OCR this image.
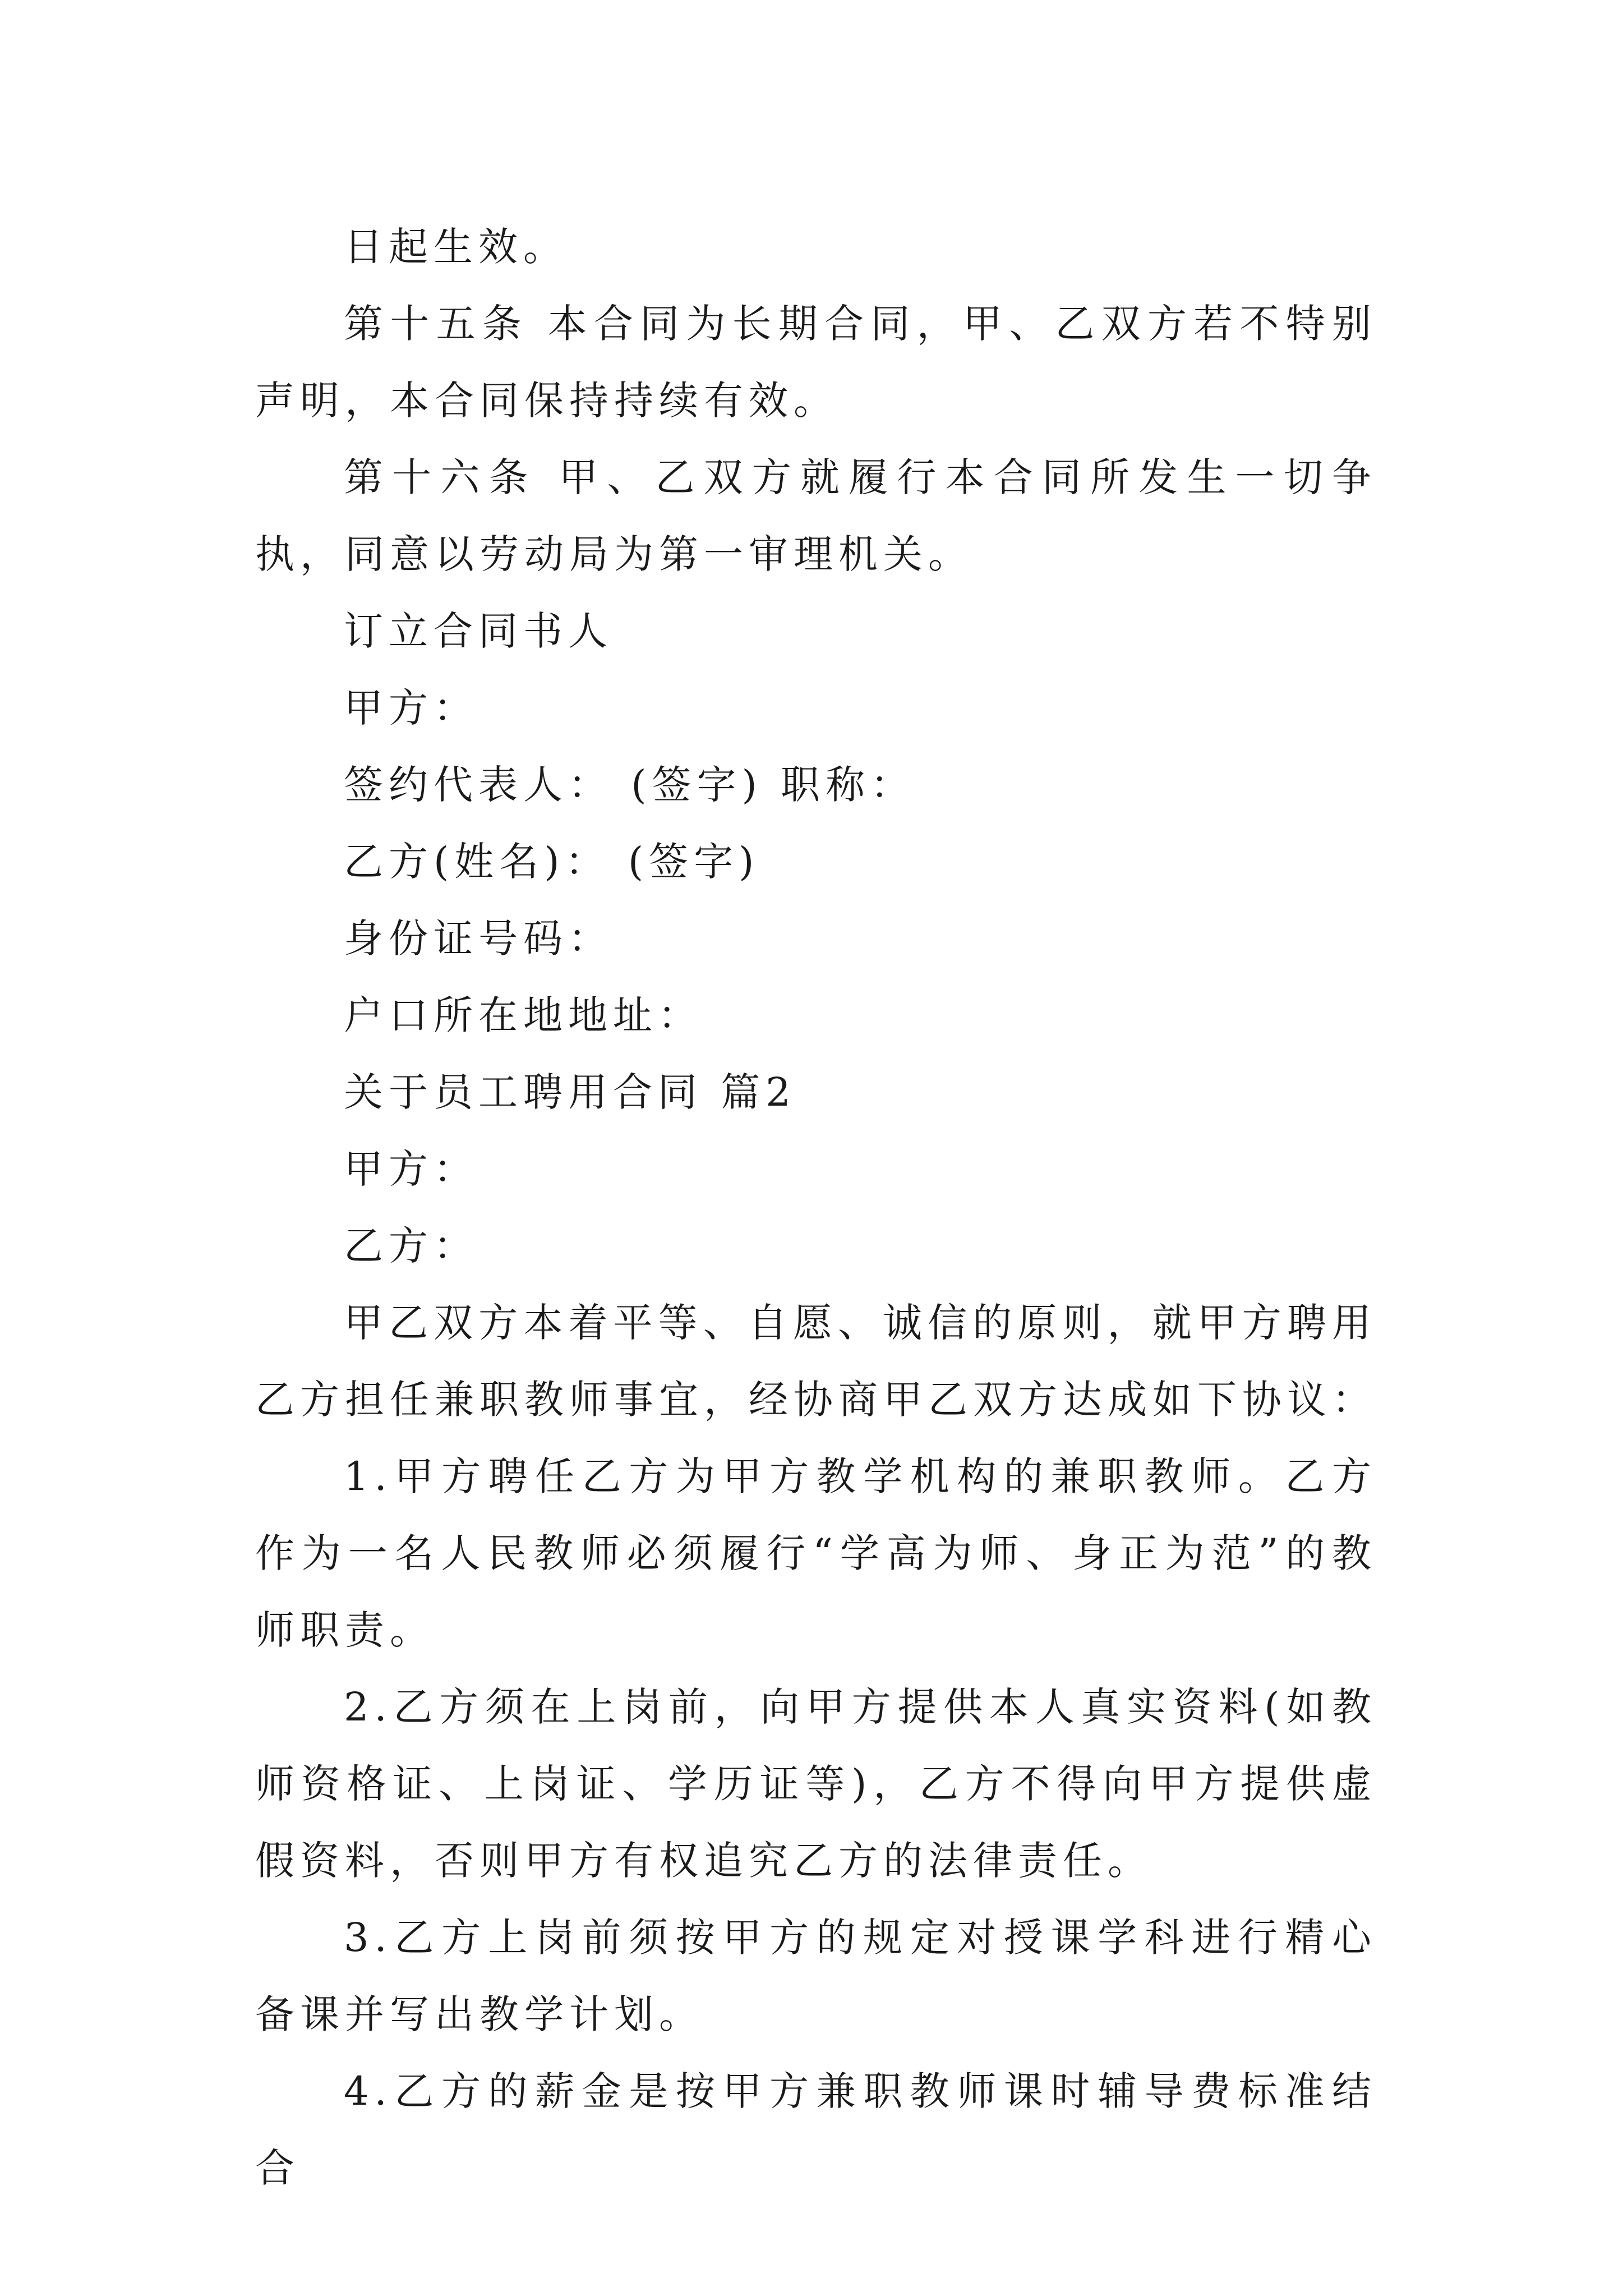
日起生效。

第十五条 本合同为长期合同，甲、乙双方若不特别声明，本合同保持持续有效。

第十六条 甲、乙双方就履行本合同所发生一切争执，同意以劳动局为第一审理机关。

订立合同书人

甲方：

签约代表人： (签字) 职称：

乙方(姓名)： (签字)

身份证号码：

户口所在地地址：

关于员工聘用合同 篇2

甲方：

乙方：

甲乙双方本着平等、自愿、诚信的原则，就甲方聘用乙方担任兼职教师事宜，经协商甲乙双方达成如下协议：

1.甲方聘任乙方为甲方教学机构的兼职教师。乙方作为一名人民教师必须履行“学高为师、身正为范”的教师职责。

2.乙方须在上岗前，向甲方提供本人真实资料(如教师资格证、上岗证、学历证等)，乙方不得向甲方提供虚假资料，否则甲方有权追究乙方的法律责任。

3.乙方上岗前须按甲方的规定对授课学科进行精心备课并写出教学计划。

4.乙方的薪金是按甲方兼职教师课时辅导费标准结合
